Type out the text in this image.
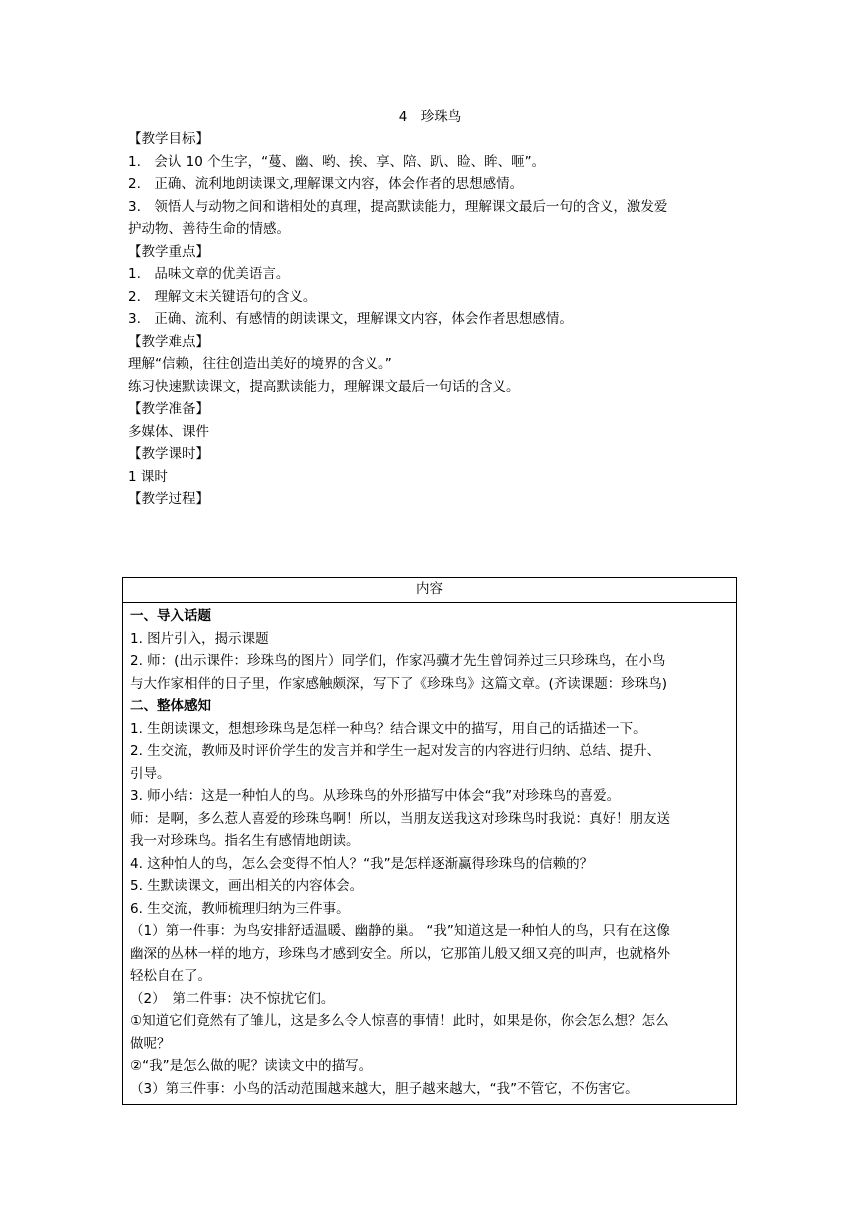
4　珍珠鸟
【教学目标】
1.　会认 10 个生字，“蔓、幽、哟、挨、享、陪、趴、睑、眸、咂”。
2.　正确、流利地朗读课文,理解课文内容，体会作者的思想感情。
3.　领悟人与动物之间和谐相处的真理，提高默读能力，理解课文最后一句的含义，激发爱
护动物、善待生命的情感。
【教学重点】
1.　品味文章的优美语言。
2.　理解文末关键语句的含义。
3.　正确、流利、有感情的朗读课文，理解课文内容，体会作者思想感情。
【教学难点】
理解“信赖，往往创造出美好的境界的含义。”
练习快速默读课文，提高默读能力，理解课文最后一句话的含义。
【教学准备】
多媒体、课件
【教学课时】
1 课时
【教学过程】
内容
一、导入话题
1. 图片引入，揭示课题
2. 师：(出示课件：珍珠鸟的图片）同学们，作家冯骥才先生曾饲养过三只珍珠鸟，在小鸟
与大作家相伴的日子里，作家感触颇深，写下了《珍珠鸟》这篇文章。(齐读课题：珍珠鸟)
二、整体感知
1. 生朗读课文，想想珍珠鸟是怎样一种鸟？结合课文中的描写，用自己的话描述一下。
2. 生交流，教师及时评价学生的发言并和学生一起对发言的内容进行归纳、总结、提升、
引导。
3. 师小结：这是一种怕人的鸟。从珍珠鸟的外形描写中体会“我”对珍珠鸟的喜爱。
师：是啊，多么惹人喜爱的珍珠鸟啊！所以，当朋友送我这对珍珠鸟时我说：真好！朋友送
我一对珍珠鸟。指名生有感情地朗读。
4. 这种怕人的鸟，怎么会变得不怕人？“我”是怎样逐渐赢得珍珠鸟的信赖的？
5. 生默读课文，画出相关的内容体会。
6. 生交流，教师梳理归纳为三件事。
（1）第一件事：为鸟安排舒适温暖、幽静的巢。 “我”知道这是一种怕人的鸟，只有在这像
幽深的丛林一样的地方，珍珠鸟才感到安全。所以，它那笛儿般又细又亮的叫声，也就格外
轻松自在了。
（2）　第二件事：决不惊扰它们。
①知道它们竟然有了雏儿，这是多么令人惊喜的事情！此时，如果是你，你会怎么想？怎么
做呢？
②“我”是怎么做的呢？读读文中的描写。
（3）第三件事：小鸟的活动范围越来越大，胆子越来越大，“我”不管它，不伤害它。
